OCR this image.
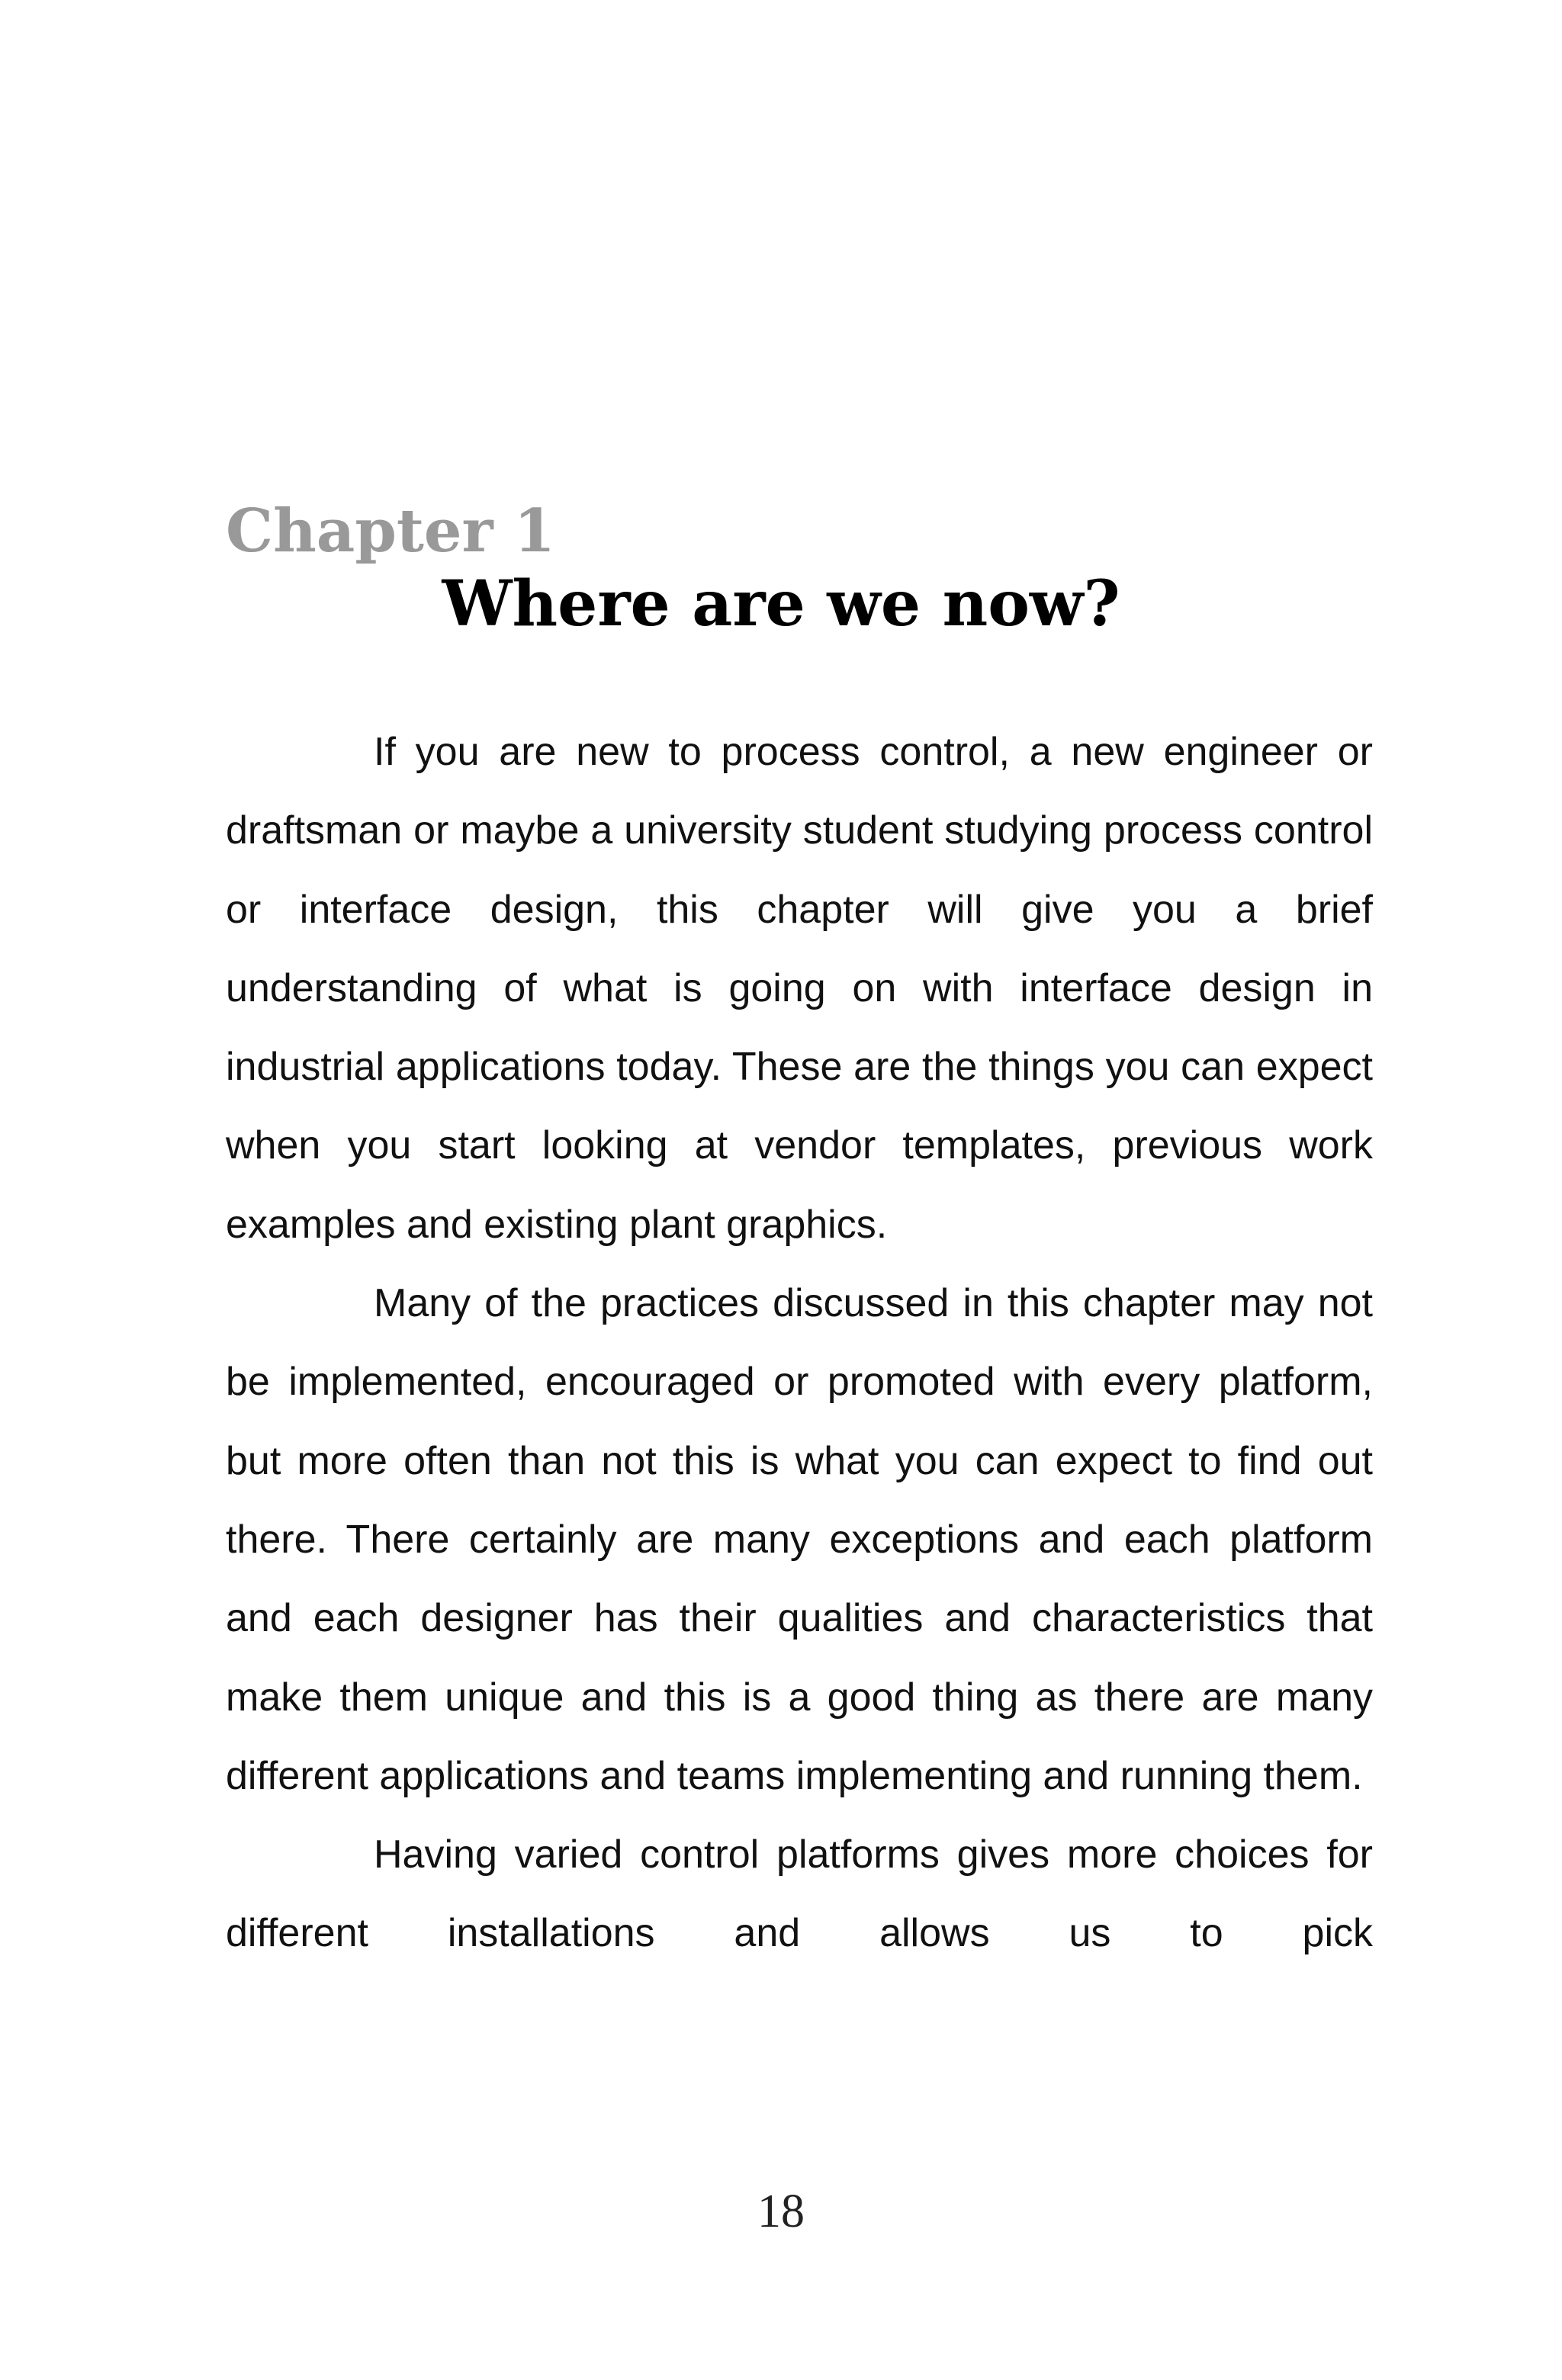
Chapter 1
Where are we now?

If you are new to process control, a new engineer or draftsman or maybe a university student studying process control or interface design, this chapter will give you a brief understanding of what is going on with interface design in industrial applications today. These are the things you can expect when you start looking at vendor templates, previous work examples and existing plant graphics.

Many of the practices discussed in this chapter may not be implemented, encouraged or promoted with every platform, but more often than not this is what you can expect to find out there. There certainly are many exceptions and each platform and each designer has their qualities and characteristics that make them unique and this is a good thing as there are many different applications and teams implementing and running them.

Having varied control platforms gives more choices for different installations and allows us to pick

18
